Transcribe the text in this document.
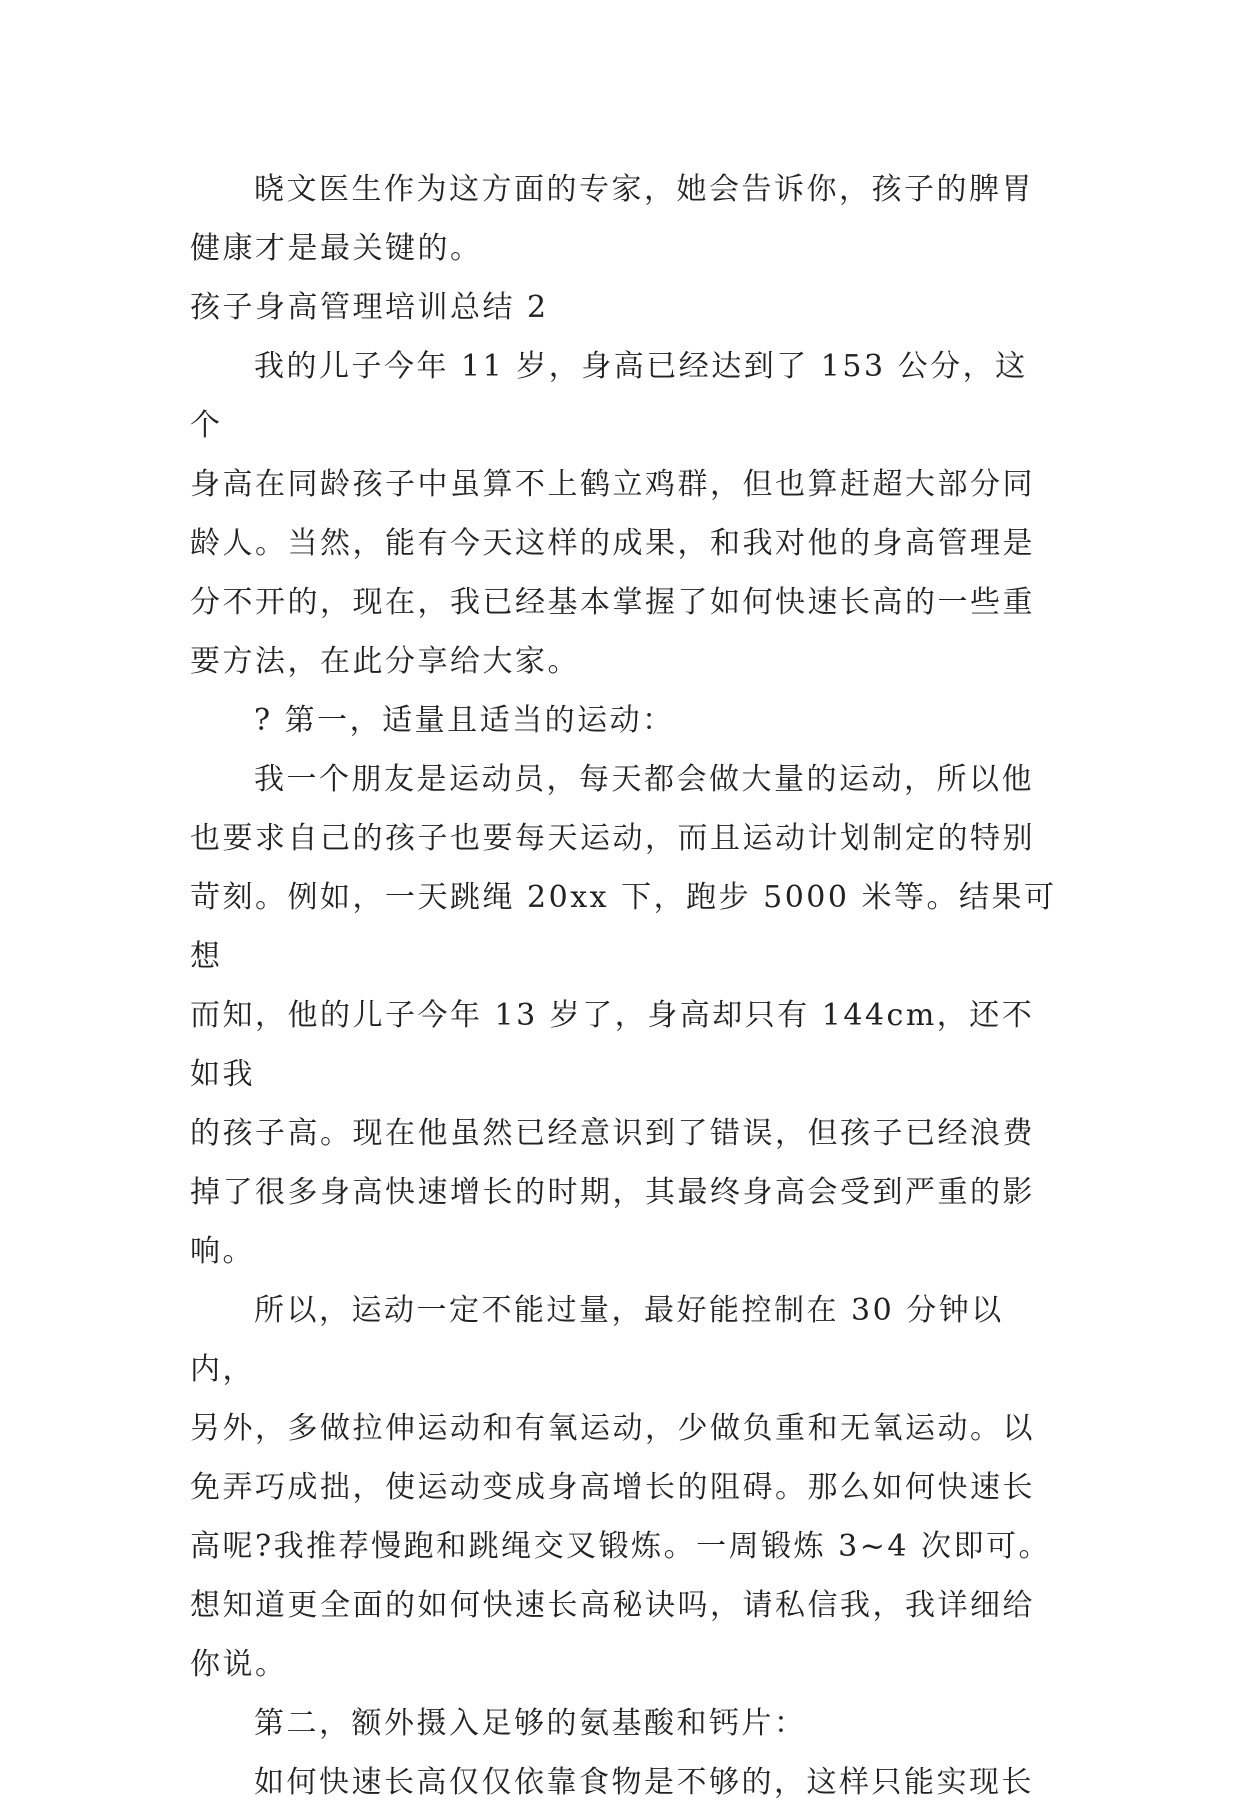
晓文医生作为这方面的专家，她会告诉你，孩子的脾胃
健康才是最关键的。

孩子身高管理培训总结 2

我的儿子今年 11 岁，身高已经达到了 153 公分，这个
身高在同龄孩子中虽算不上鹤立鸡群，但也算赶超大部分同
龄人。当然，能有今天这样的成果，和我对他的身高管理是
分不开的，现在，我已经基本掌握了如何快速长高的一些重
要方法，在此分享给大家。

? 第一，适量且适当的运动：

我一个朋友是运动员，每天都会做大量的运动，所以他
也要求自己的孩子也要每天运动，而且运动计划制定的特别
苛刻。例如，一天跳绳 20xx 下，跑步 5000 米等。结果可想
而知，他的儿子今年 13 岁了，身高却只有 144cm，还不如我
的孩子高。现在他虽然已经意识到了错误，但孩子已经浪费
掉了很多身高快速增长的时期，其最终身高会受到严重的影
响。

所以，运动一定不能过量，最好能控制在 30 分钟以内，
另外，多做拉伸运动和有氧运动，少做负重和无氧运动。以
免弄巧成拙，使运动变成身高增长的阻碍。那么如何快速长
高呢?我推荐慢跑和跳绳交叉锻炼。一周锻炼 3~4 次即可。
想知道更全面的如何快速长高秘诀吗，请私信我，我详细给
你说。

第二，额外摄入足够的氨基酸和钙片：

如何快速长高仅仅依靠食物是不够的，这样只能实现长
